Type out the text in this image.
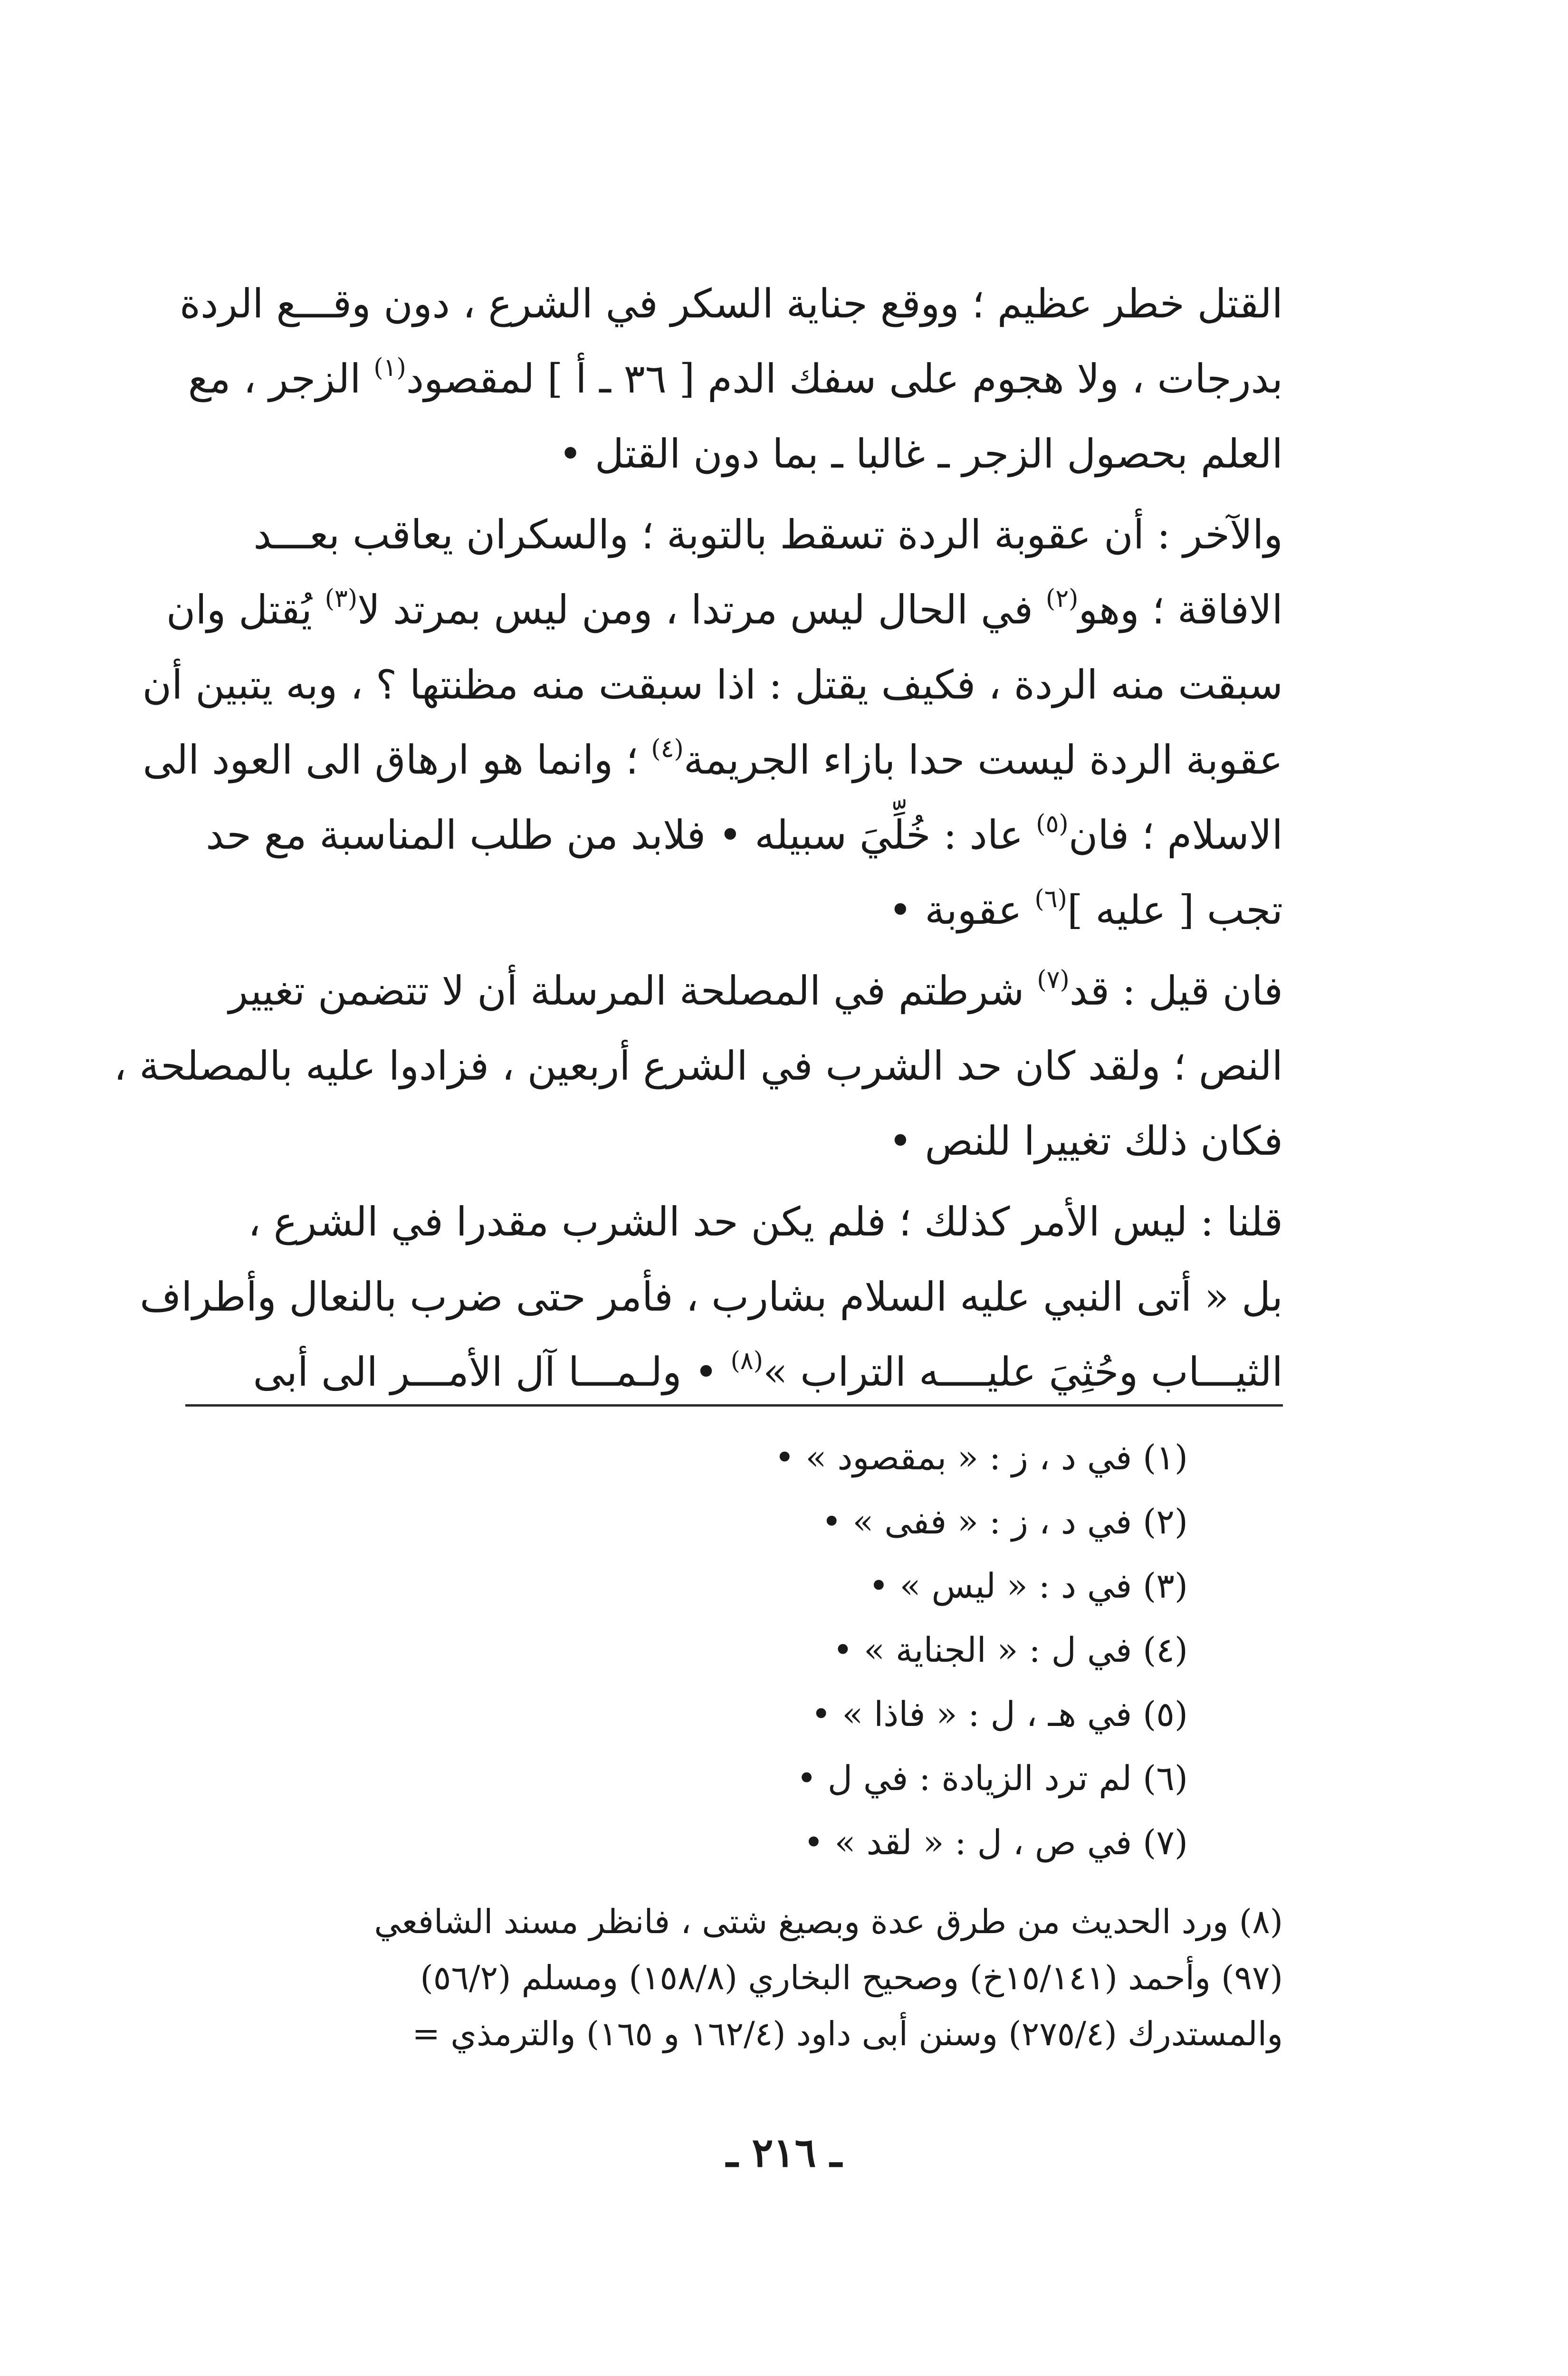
القتل خطر عظيم ؛ ووقع جناية السكر في الشرع ، دون وقـــع الردة
بدرجات ، ولا هجوم على سفك الدم [ ٣٦ ـ أ ] لمقصود$^{(١)}$ الزجر ، مع
العلم بحصول الزجر ـ غالبا ـ بما دون القتل •

والآخر : أن عقوبة الردة تسقط بالتوبة ؛ والسكران يعاقب بعـــد
الافاقة ؛ وهو$^{(٢)}$ في الحال ليس مرتدا ، ومن ليس بمرتد لا$^{(٣)}$ يُقتل وان
سبقت منه الردة ، فكيف يقتل : اذا سبقت منه مظنتها ؟ ، وبه يتبين أن
عقوبة الردة ليست حدا بازاء الجريمة$^{(٤)}$ ؛ وانما هو ارهاق الى العود الى
الاسلام ؛ فان$^{(٥)}$ عاد : خُلِّيَ سبيله • فلابد من طلب المناسبة مع حد
تجب [ عليه ]$^{(٦)}$ عقوبة •

فان قيل : قد$^{(٧)}$ شرطتم في المصلحة المرسلة أن لا تتضمن تغيير
النص ؛ ولقد كان حد الشرب في الشرع أربعين ، فزادوا عليه بالمصلحة ،
فكان ذلك تغييرا للنص •

قلنا : ليس الأمر كذلك ؛ فلم يكن حد الشرب مقدرا في الشرع ،
بل « أتى النبي عليه السلام بشارب ، فأمر حتى ضرب بالنعال وأطراف
الثيـــاب وحُثِيَ عليــــه التراب »$^{(٨)}$ • ولـمـــا آل الأمـــر الى أبى

(١) في د ، ز : « بمقصود » •
(٢) في د ، ز : « ففى » •
(٣) في د : « ليس » •
(٤) في ل : « الجناية » •
(٥) في هـ ، ل : « فاذا » •
(٦) لم ترد الزيادة : في ل •
(٧) في ص ، ل : « لقد » •
(٨) ورد الحديث من طرق عدة وبصيغ شتى ، فانظر مسند الشافعي
(٩٧) وأحمد (١٥/١٤١خ) وصحيح البخاري (١٥٨/٨) ومسلم (٥٦/٢)
والمستدرك (٢٧٥/٤) وسنن أبى داود (١٦٢/٤ و ١٦٥) والترمذي =
ـ ٢١٦ ـ
